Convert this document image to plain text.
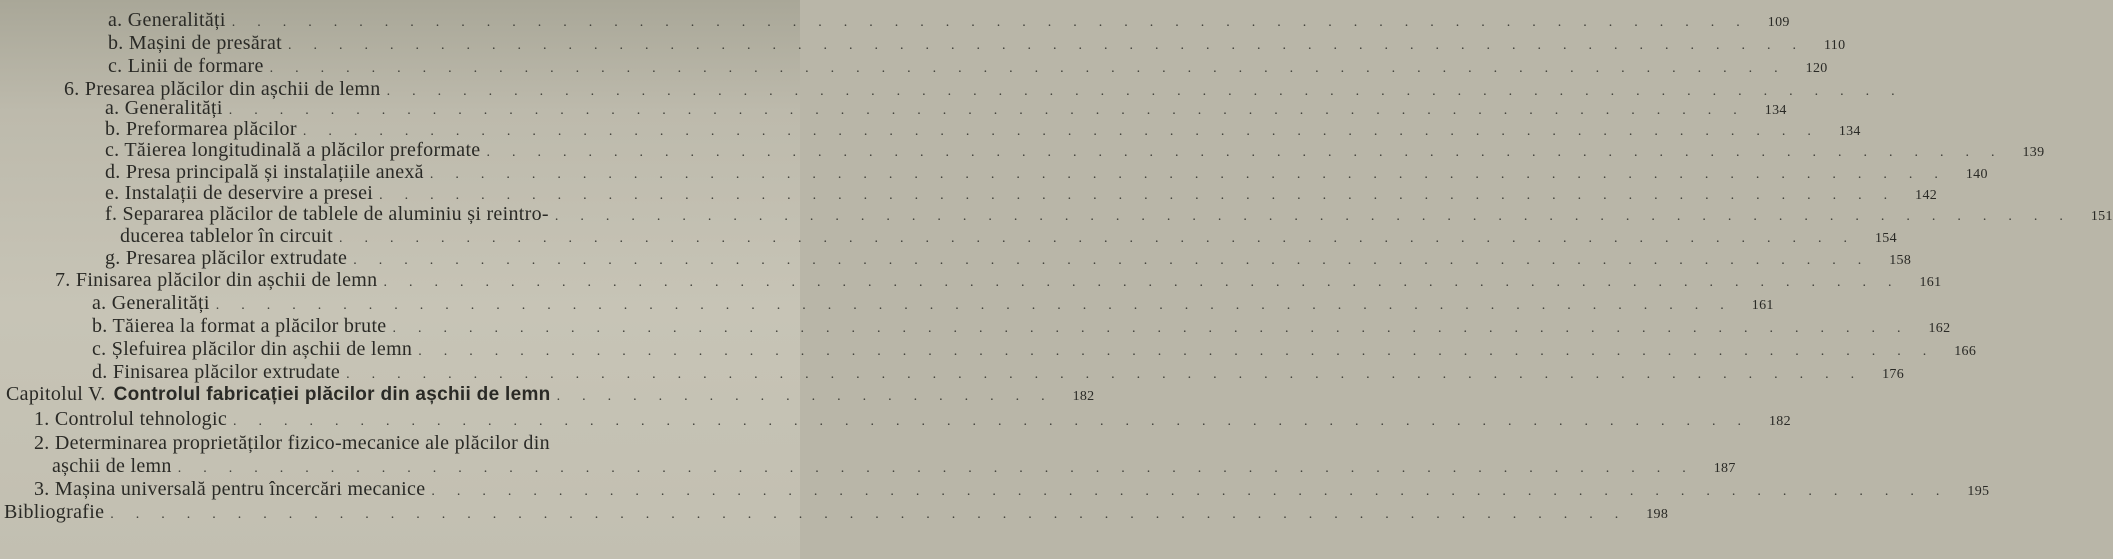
a. Generalități ............................................................ 109
b. Mașini de presărat ............................................................ 110
c. Linii de formare ............................................................ 120
6. Presarea plăcilor din așchii de lemn ............................................................
a. Generalități ............................................................ 134
b. Preformarea plăcilor ............................................................ 134
c. Tăierea longitudinală a plăcilor preformate ............................................................ 139
d. Presa principală și instalațiile anexă ............................................................ 140
e. Instalații de deservire a presei ............................................................ 142
f. Separarea plăcilor de tablele de aluminiu și reintro- ............................................................ 151
ducerea tablelor în circuit ............................................................ 154
g. Presarea plăcilor extrudate ............................................................ 158
7. Finisarea plăcilor din așchii de lemn ............................................................ 161
a. Generalități ............................................................ 161
b. Tăierea la format a plăcilor brute ............................................................ 162
c. Șlefuirea plăcilor din așchii de lemn ............................................................ 166
d. Finisarea plăcilor extrudate ............................................................ 176
Capitolul V. Controlul fabricației plăcilor din așchii de lemn .................... 182
1. Controlul tehnologic ............................................................ 182
2. Determinarea proprietăților fizico-mecanice ale plăcilor din
așchii de lemn ............................................................ 187
3. Mașina universală pentru încercări mecanice ............................................................ 195
Bibliografie ............................................................ 198
